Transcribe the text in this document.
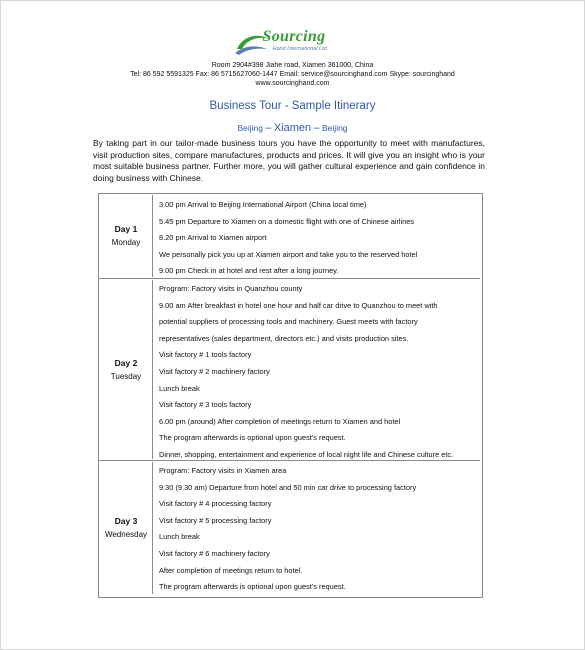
Sourcing
Hand International Ltd.
Room 2904#398 Jiahe road, Xiamen 361000, China
Tel: 86 592 5591325 Fax: 86 5715627060-1447 Email: service@sourcinghand.com Skype: sourcinghand
www.sourcinghand.com
Business Tour - Sample Itinerary
Beijing – Xiamen – Beijing
By taking part in our tailor-made business tours you have the opportunity to meet with manufactures, visit production sites, compare manufactures, products and prices. It will give you an insight who is your most suitable business partner. Further more, you will gather cultural experience and gain confidence in doing business with Chinese.
Day 1
Monday
3.00 pm Arrival to Beijing International Airport (China local time)
5.45 pm Departure to Xiamen on a domestic flight with one of Chinese airlines
8.20 pm Arrival to Xiamen airport
We personally pick you up at Xiamen airport and take you to the reserved hotel
9.00 pm Check in at hotel and rest after a long journey.
Day 2
Tuesday
Program: Factory visits in Quanzhou county
9.00 am After breakfast in hotel one hour and half car drive to Quanzhou to meet with
potential suppliers of processing tools and machinery. Guest meets with factory
representatives (sales department, directors etc.) and visits production sites.
Visit factory # 1 tools factory
Visit factory # 2 machinery factory
Lunch break
Visit factory # 3 tools factory
6.00 pm (around) After completion of meetings return to Xiamen and hotel
The program afterwards is optional upon guest's request.
Dinner, shopping, entertainment and experience of local night life and Chinese culture etc.
Day 3
Wednesday
Program: Factory visits in Xiamen area
9:30 (9.30 am) Departure from hotel and 50 min car drive to processing factory
Visit factory # 4 processing factory
Visit factory # 5 processing factory
Lunch break
Visit factory # 6 machinery factory
After completion of meetings return to hotel.
The program afterwards is optional upon guest's request.
